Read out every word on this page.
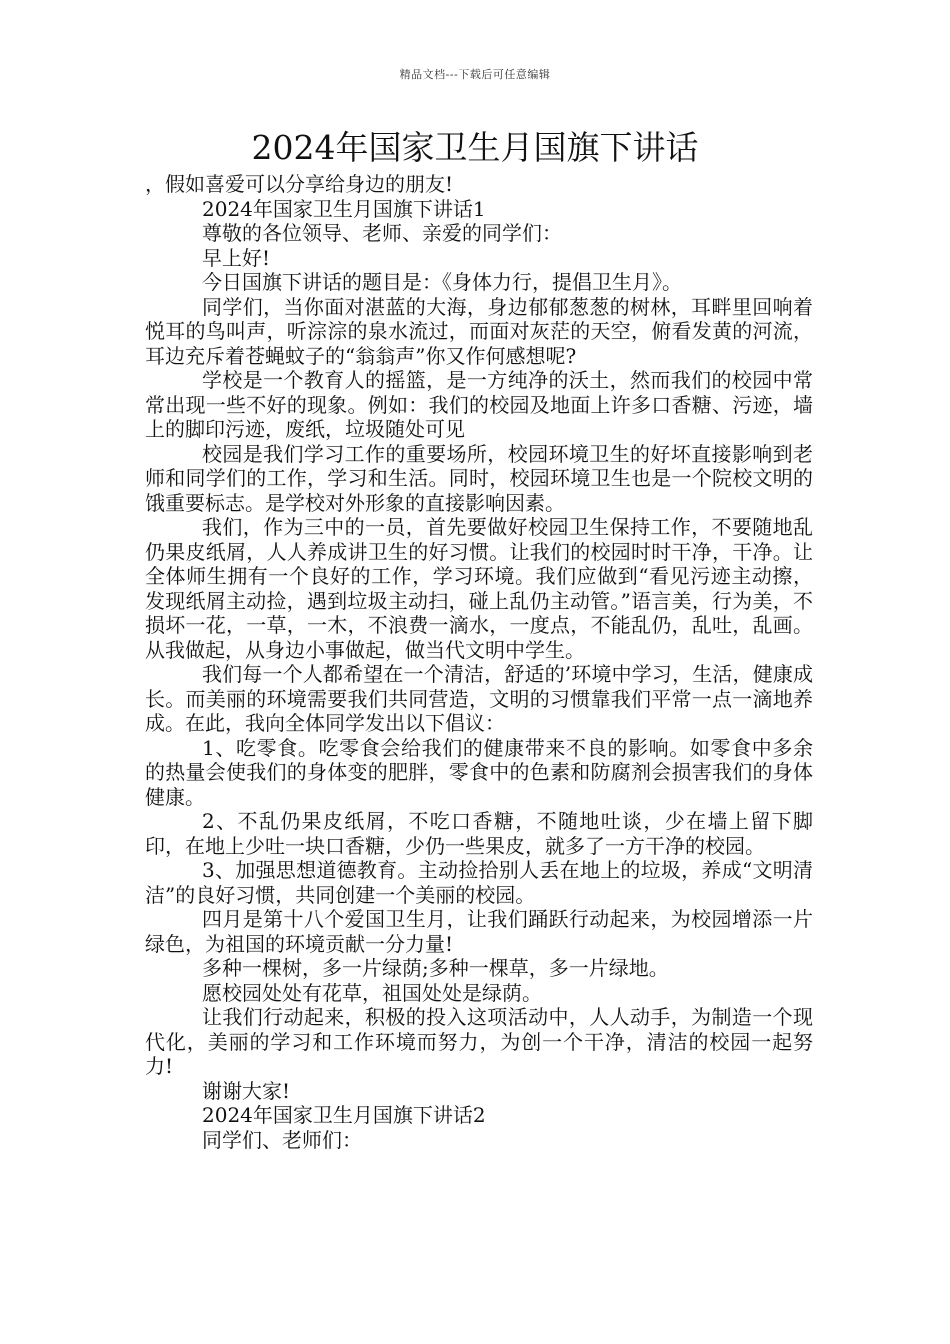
精品文档---下载后可任意编辑
2024年国家卫生月国旗下讲话

，假如喜爱可以分享给身边的朋友!

2024年国家卫生月国旗下讲话1

尊敬的各位领导、老师、亲爱的同学们：

早上好!

今日国旗下讲话的题目是：《身体力行，提倡卫生月》。

同学们，当你面对湛蓝的大海，身边郁郁葱葱的树林，耳畔里回响着悦耳的鸟叫声，听淙淙的泉水流过，而面对灰茫的天空，俯看发黄的河流，耳边充斥着苍蝇蚊子的“翁翁声”你又作何感想呢?

学校是一个教育人的摇篮，是一方纯净的沃土，然而我们的校园中常常出现一些不好的现象。例如：我们的校园及地面上许多口香糖、污迹，墙上的脚印污迹，废纸，垃圾随处可见

校园是我们学习工作的重要场所，校园环境卫生的好坏直接影响到老师和同学们的工作，学习和生活。同时，校园环境卫生也是一个院校文明的饿重要标志。是学校对外形象的直接影响因素。

我们，作为三中的一员，首先要做好校园卫生保持工作，不要随地乱仍果皮纸屑，人人养成讲卫生的好习惯。让我们的校园时时干净，干净。让全体师生拥有一个良好的工作，学习环境。我们应做到“看见污迹主动擦，发现纸屑主动捡，遇到垃圾主动扫，碰上乱仍主动管。”语言美，行为美，不损坏一花，一草，一木，不浪费一滴水，一度点，不能乱仍，乱吐，乱画。从我做起，从身边小事做起，做当代文明中学生。

我们每一个人都希望在一个清洁，舒适的’环境中学习，生活，健康成长。而美丽的环境需要我们共同营造，文明的习惯靠我们平常一点一滴地养成。在此，我向全体同学发出以下倡议：

1、吃零食。吃零食会给我们的健康带来不良的影响。如零食中多余的热量会使我们的身体变的肥胖，零食中的色素和防腐剂会损害我们的身体健康。

2、不乱仍果皮纸屑，不吃口香糖，不随地吐谈，少在墙上留下脚印，在地上少吐一块口香糖，少仍一些果皮，就多了一方干净的校园。

3、加强思想道德教育。主动捡拾别人丢在地上的垃圾，养成“文明清洁”的良好习惯，共同创建一个美丽的校园。

四月是第十八个爱国卫生月，让我们踊跃行动起来，为校园增添一片绿色，为祖国的环境贡献一分力量!

多种一棵树，多一片绿荫;多种一棵草，多一片绿地。

愿校园处处有花草，祖国处处是绿荫。

让我们行动起来，积极的投入这项活动中，人人动手，为制造一个现代化，美丽的学习和工作环境而努力，为创一个干净，清洁的校园一起努力!

谢谢大家!

2024年国家卫生月国旗下讲话2

同学们、老师们：
